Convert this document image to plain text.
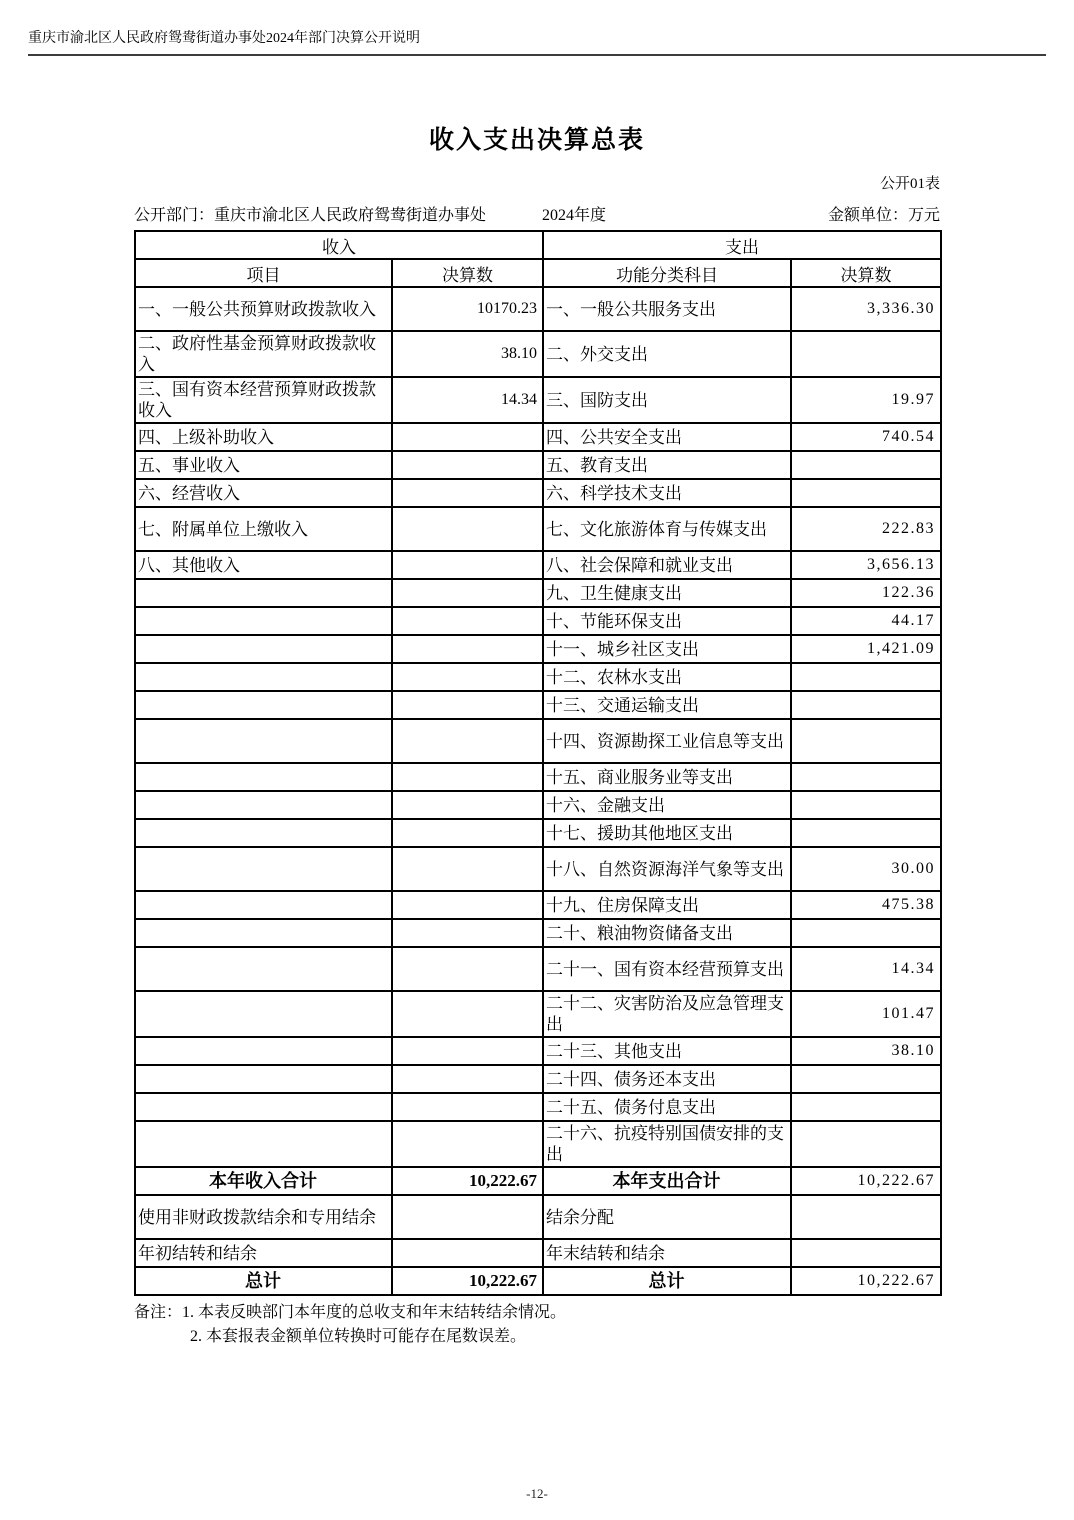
重庆市渝北区人民政府鸳鸯街道办事处2024年部门决算公开说明
收入支出决算总表
公开01表
公开部门：重庆市渝北区人民政府鸳鸯街道办事处	2024年度	金额单位：万元
收入		支出	
项目	决算数	功能分类科目	决算数
一、一般公共预算财政拨款收入	10170.23	一、一般公共服务支出	3,336.30
二、政府性基金预算财政拨款收入	38.10	二、外交支出	
三、国有资本经营预算财政拨款收入	14.34	三、国防支出	19.97
四、上级补助收入		四、公共安全支出	740.54
五、事业收入		五、教育支出	
六、经营收入		六、科学技术支出	
七、附属单位上缴收入		七、文化旅游体育与传媒支出	222.83
八、其他收入		八、社会保障和就业支出	3,656.13
		九、卫生健康支出	122.36
		十、节能环保支出	44.17
		十一、城乡社区支出	1,421.09
		十二、农林水支出	
		十三、交通运输支出	
		十四、资源勘探工业信息等支出	
		十五、商业服务业等支出	
		十六、金融支出	
		十七、援助其他地区支出	
		十八、自然资源海洋气象等支出	30.00
		十九、住房保障支出	475.38
		二十、粮油物资储备支出	
		二十一、国有资本经营预算支出	14.34
		二十二、灾害防治及应急管理支出	101.47
		二十三、其他支出	38.10
		二十四、债务还本支出	
		二十五、债务付息支出	
		二十六、抗疫特别国债安排的支出	
本年收入合计	10,222.67	本年支出合计	10,222.67
使用非财政拨款结余和专用结余		结余分配	
年初结转和结余		年末结转和结余	
总计	10,222.67	总计	10,222.67
备注：1. 本表反映部门本年度的总收支和年末结转结余情况。
2. 本套报表金额单位转换时可能存在尾数误差。
-12-
